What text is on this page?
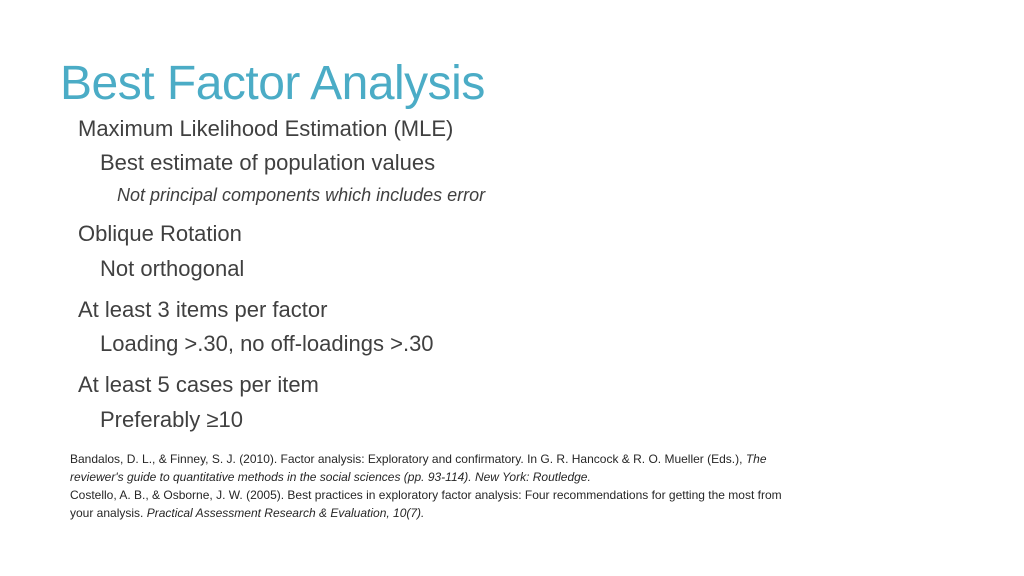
Best Factor Analysis
Maximum Likelihood Estimation (MLE)
Best estimate of population values
Not principal components which includes error
Oblique Rotation
Not orthogonal
At least 3 items per factor
Loading >.30, no off-loadings >.30
At least 5 cases per item
Preferably ≥10
Bandalos, D. L., & Finney, S. J. (2010). Factor analysis: Exploratory and confirmatory. In G. R. Hancock & R. O. Mueller (Eds.), The
reviewer's guide to quantitative methods in the social sciences (pp. 93-114). New York: Routledge.
Costello, A. B., & Osborne, J. W. (2005). Best practices in exploratory factor analysis: Four recommendations for getting the most from
your analysis. Practical Assessment Research & Evaluation, 10(7).
